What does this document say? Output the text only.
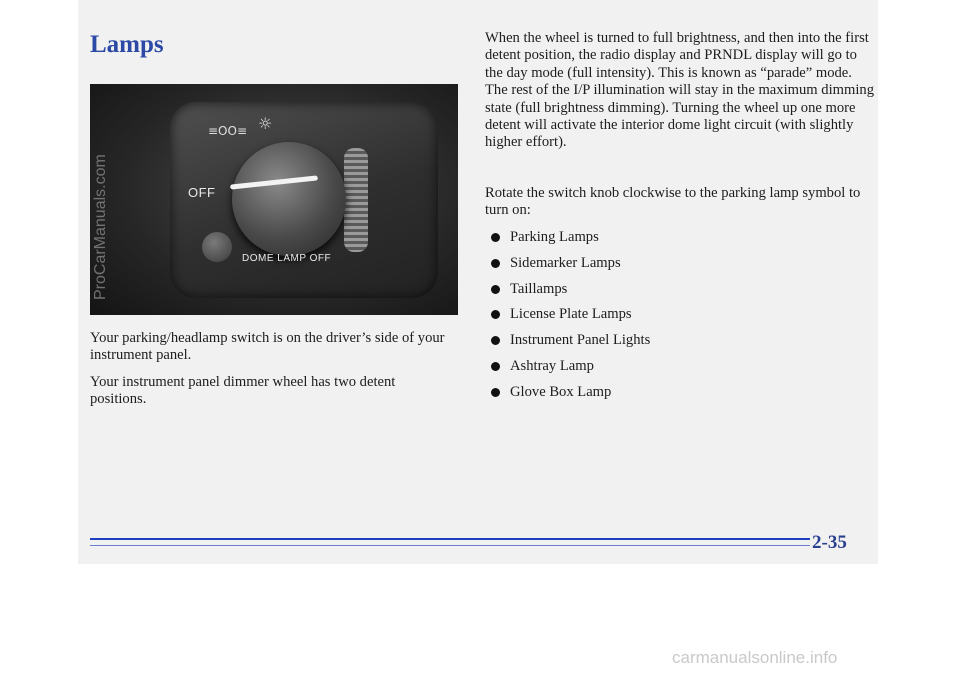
Lamps
≡OO≡ ☼
OFF
DOME LAMP OFF

Your parking/headlamp switch is on the driver’s side of your instrument panel.

Your instrument panel dimmer wheel has two detent positions.

When the wheel is turned to full brightness, and then into the first detent position, the radio display and PRNDL display will go to the day mode (full intensity). This is known as “parade” mode. The rest of the I/P illumination will stay in the maximum dimming state (full brightness dimming). Turning the wheel up one more detent will activate the interior dome light circuit (with slightly higher effort).

Rotate the switch knob clockwise to the parking lamp symbol to turn on:

Parking Lamps
Sidemarker Lamps
Taillamps
License Plate Lamps
Instrument Panel Lights
Ashtray Lamp
Glove Box Lamp

2-35

ProCarManuals.com

carmanualsonline.info
